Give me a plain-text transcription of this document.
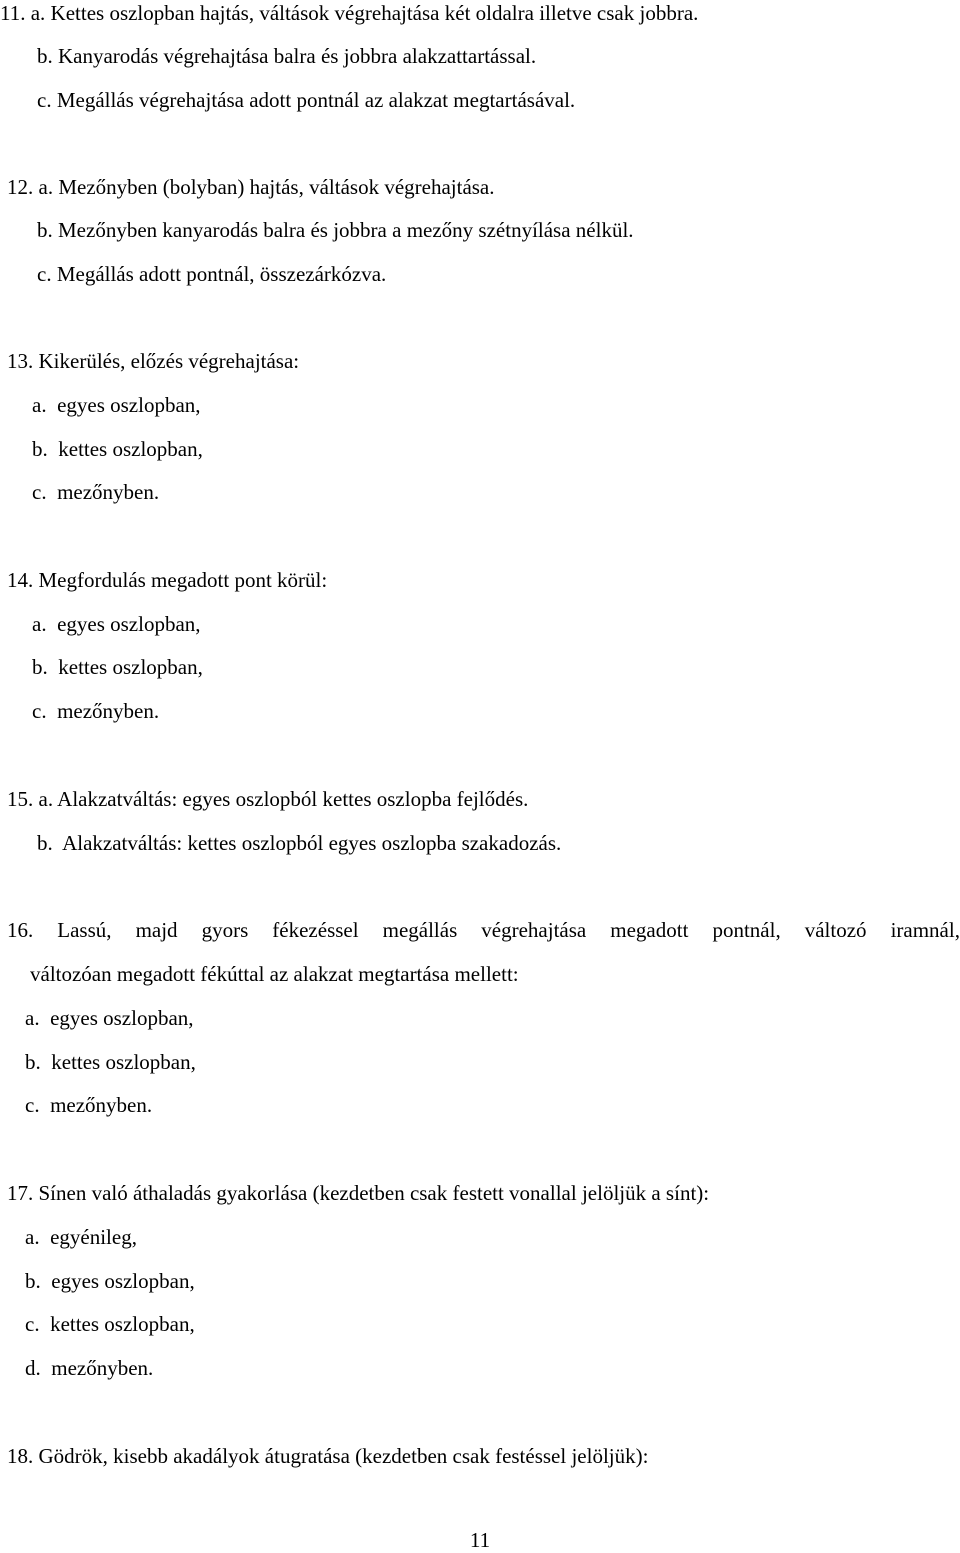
11. a. Kettes oszlopban hajtás, váltások végrehajtása két oldalra illetve csak jobbra.
b. Kanyarodás végrehajtása balra és jobbra alakzattartással.
c. Megállás végrehajtása adott pontnál az alakzat megtartásával.
12. a. Mezőnyben (bolyban) hajtás, váltások végrehajtása.
b. Mezőnyben kanyarodás balra és jobbra a mezőny szétnyílása nélkül.
c. Megállás adott pontnál, összezárkózva.
13. Kikerülés, előzés végrehajtása:
a.  egyes oszlopban,
b.  kettes oszlopban,
c.  mezőnyben.
14. Megfordulás megadott pont körül:
a.  egyes oszlopban,
b.  kettes oszlopban,
c.  mezőnyben.
15. a. Alakzatváltás: egyes oszlopból kettes oszlopba fejlődés.
b.  Alakzatváltás: kettes oszlopból egyes oszlopba szakadozás.
16. Lassú, majd gyors fékezéssel megállás végrehajtása megadott pontnál, változó iramnál,
változóan megadott fékúttal az alakzat megtartása mellett:
a.  egyes oszlopban,
b.  kettes oszlopban,
c.  mezőnyben.
17. Sínen való áthaladás gyakorlása (kezdetben csak festett vonallal jelöljük a sínt):
a.  egyénileg,
b.  egyes oszlopban,
c.  kettes oszlopban,
d.  mezőnyben.
18. Gödrök, kisebb akadályok átugratása (kezdetben csak festéssel jelöljük):
11
